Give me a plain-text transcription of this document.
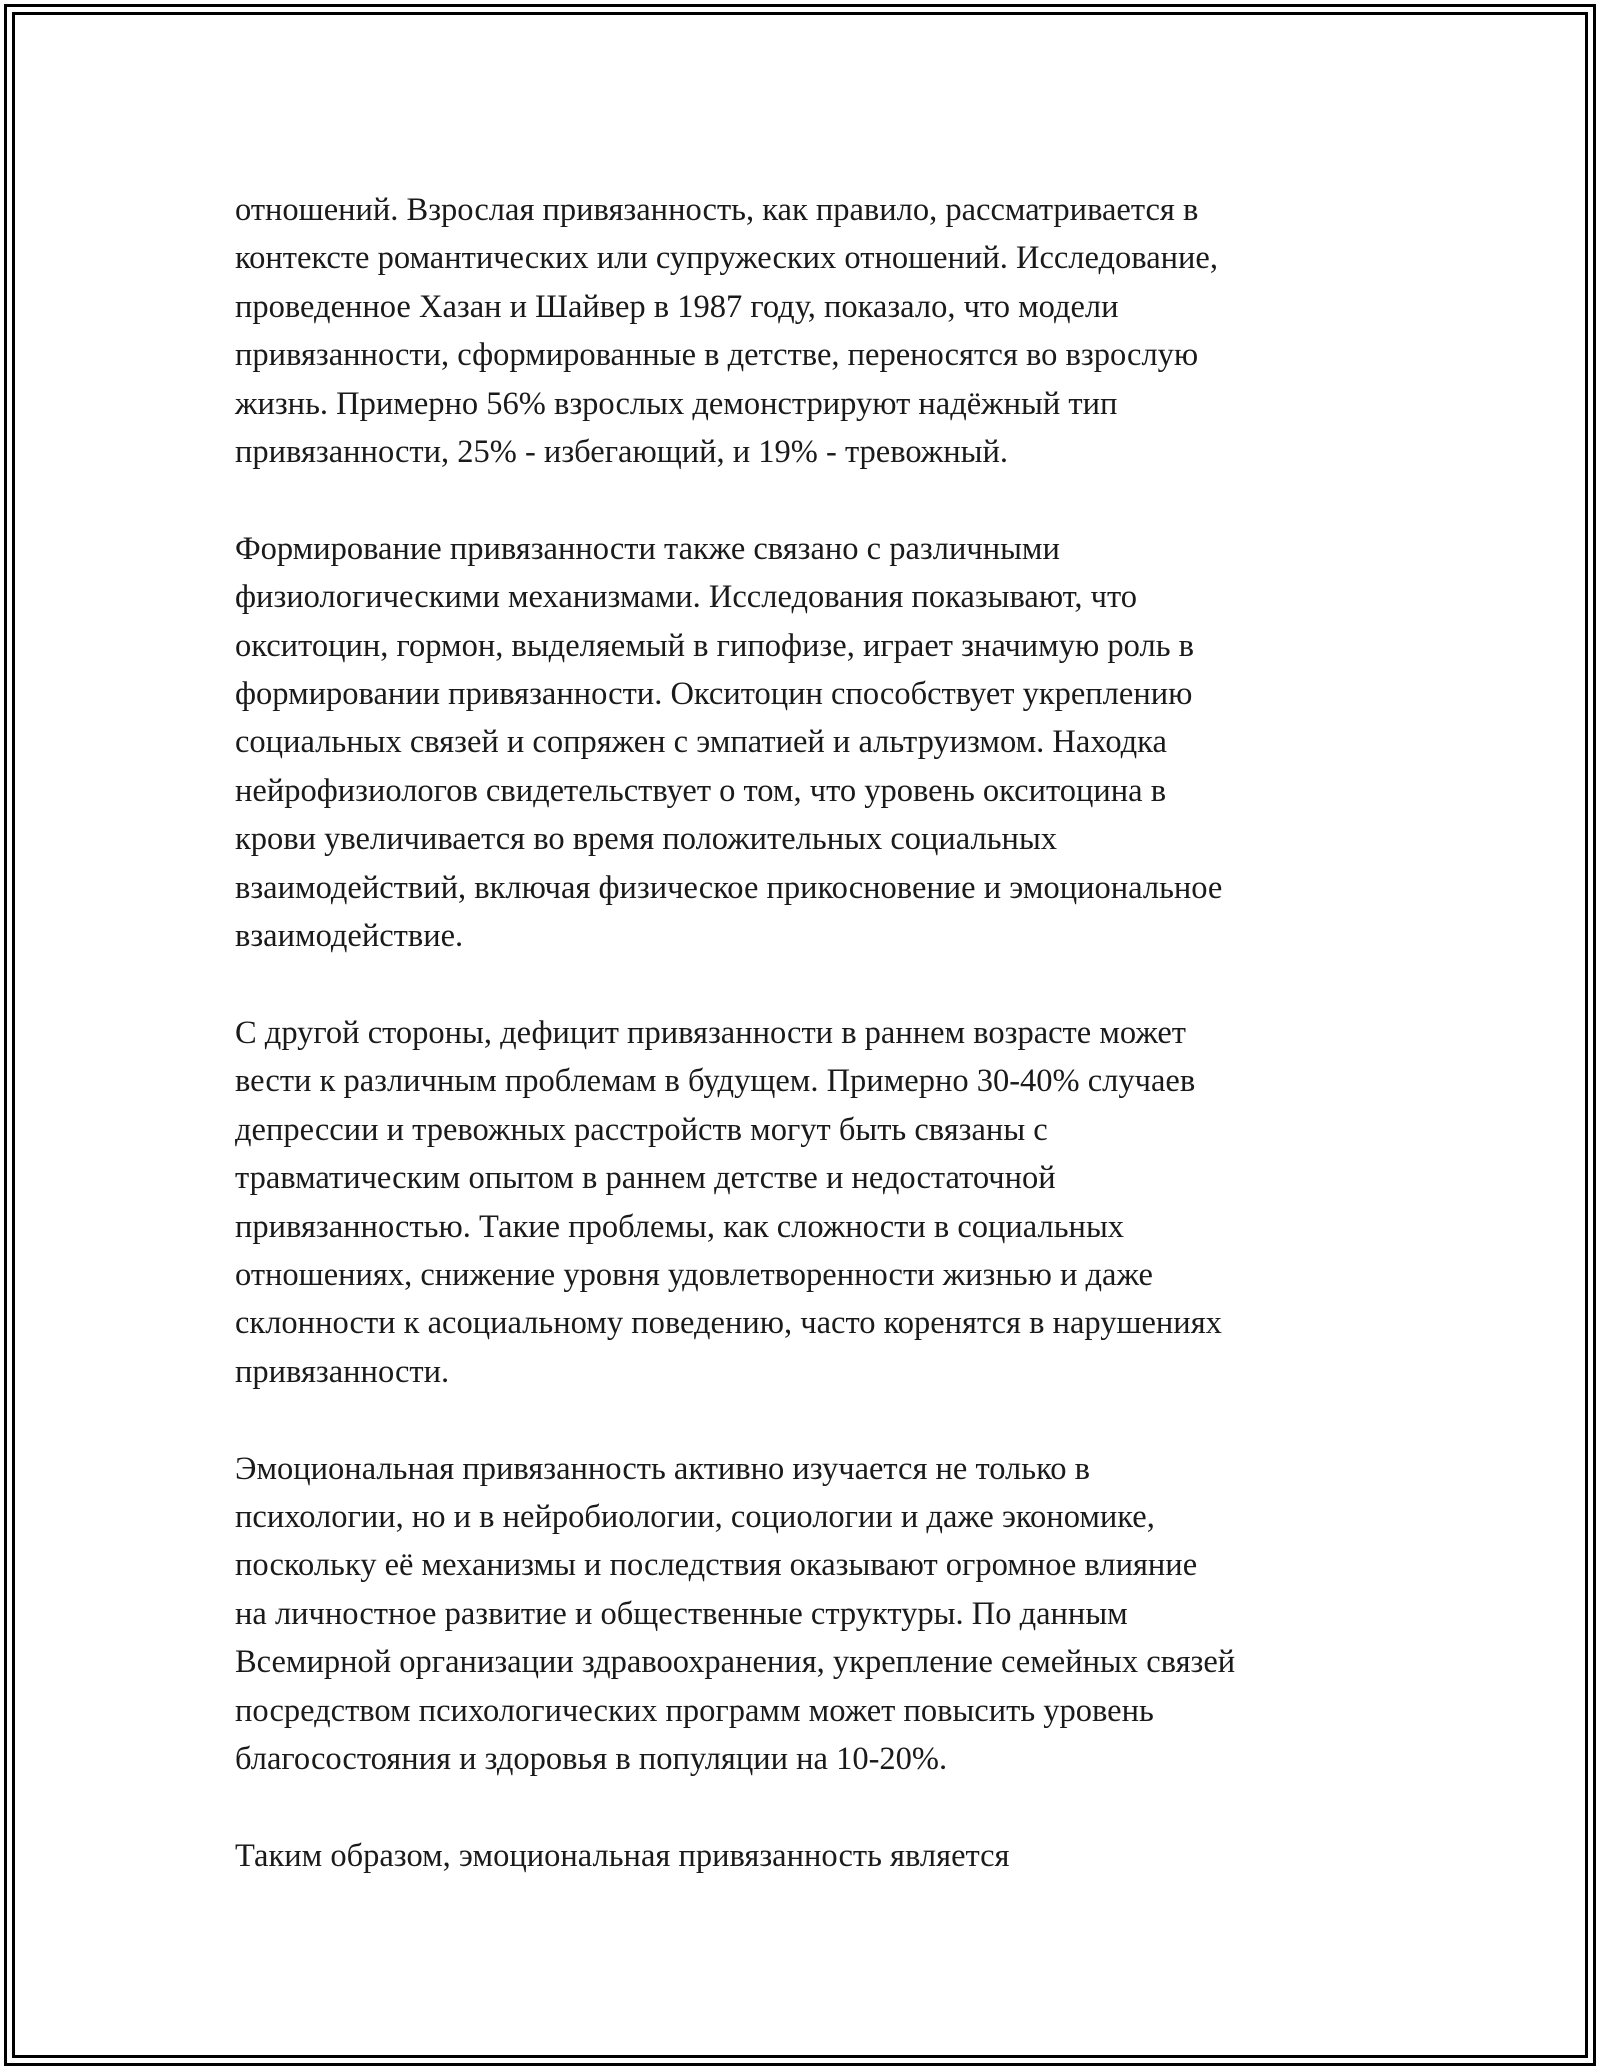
отношений. Взрослая привязанность, как правило, рассматривается в
контексте романтических или супружеских отношений. Исследование,
проведенное Хазан и Шайвер в 1987 году, показало, что модели
привязанности, сформированные в детстве, переносятся во взрослую
жизнь. Примерно 56% взрослых демонстрируют надёжный тип
привязанности, 25% - избегающий, и 19% - тревожный.

Формирование привязанности также связано с различными
физиологическими механизмами. Исследования показывают, что
окситоцин, гормон, выделяемый в гипофизе, играет значимую роль в
формировании привязанности. Окситоцин способствует укреплению
социальных связей и сопряжен с эмпатией и альтруизмом. Находка
нейрофизиологов свидетельствует о том, что уровень окситоцина в
крови увеличивается во время положительных социальных
взаимодействий, включая физическое прикосновение и эмоциональное
взаимодействие.

С другой стороны, дефицит привязанности в раннем возрасте может
вести к различным проблемам в будущем. Примерно 30-40% случаев
депрессии и тревожных расстройств могут быть связаны с
травматическим опытом в раннем детстве и недостаточной
привязанностью. Такие проблемы, как сложности в социальных
отношениях, снижение уровня удовлетворенности жизнью и даже
склонности к асоциальному поведению, часто коренятся в нарушениях
привязанности.

Эмоциональная привязанность активно изучается не только в
психологии, но и в нейробиологии, социологии и даже экономике,
поскольку её механизмы и последствия оказывают огромное влияние
на личностное развитие и общественные структуры. По данным
Всемирной организации здравоохранения, укрепление семейных связей
посредством психологических программ может повысить уровень
благосостояния и здоровья в популяции на 10-20%.

Таким образом, эмоциональная привязанность является
